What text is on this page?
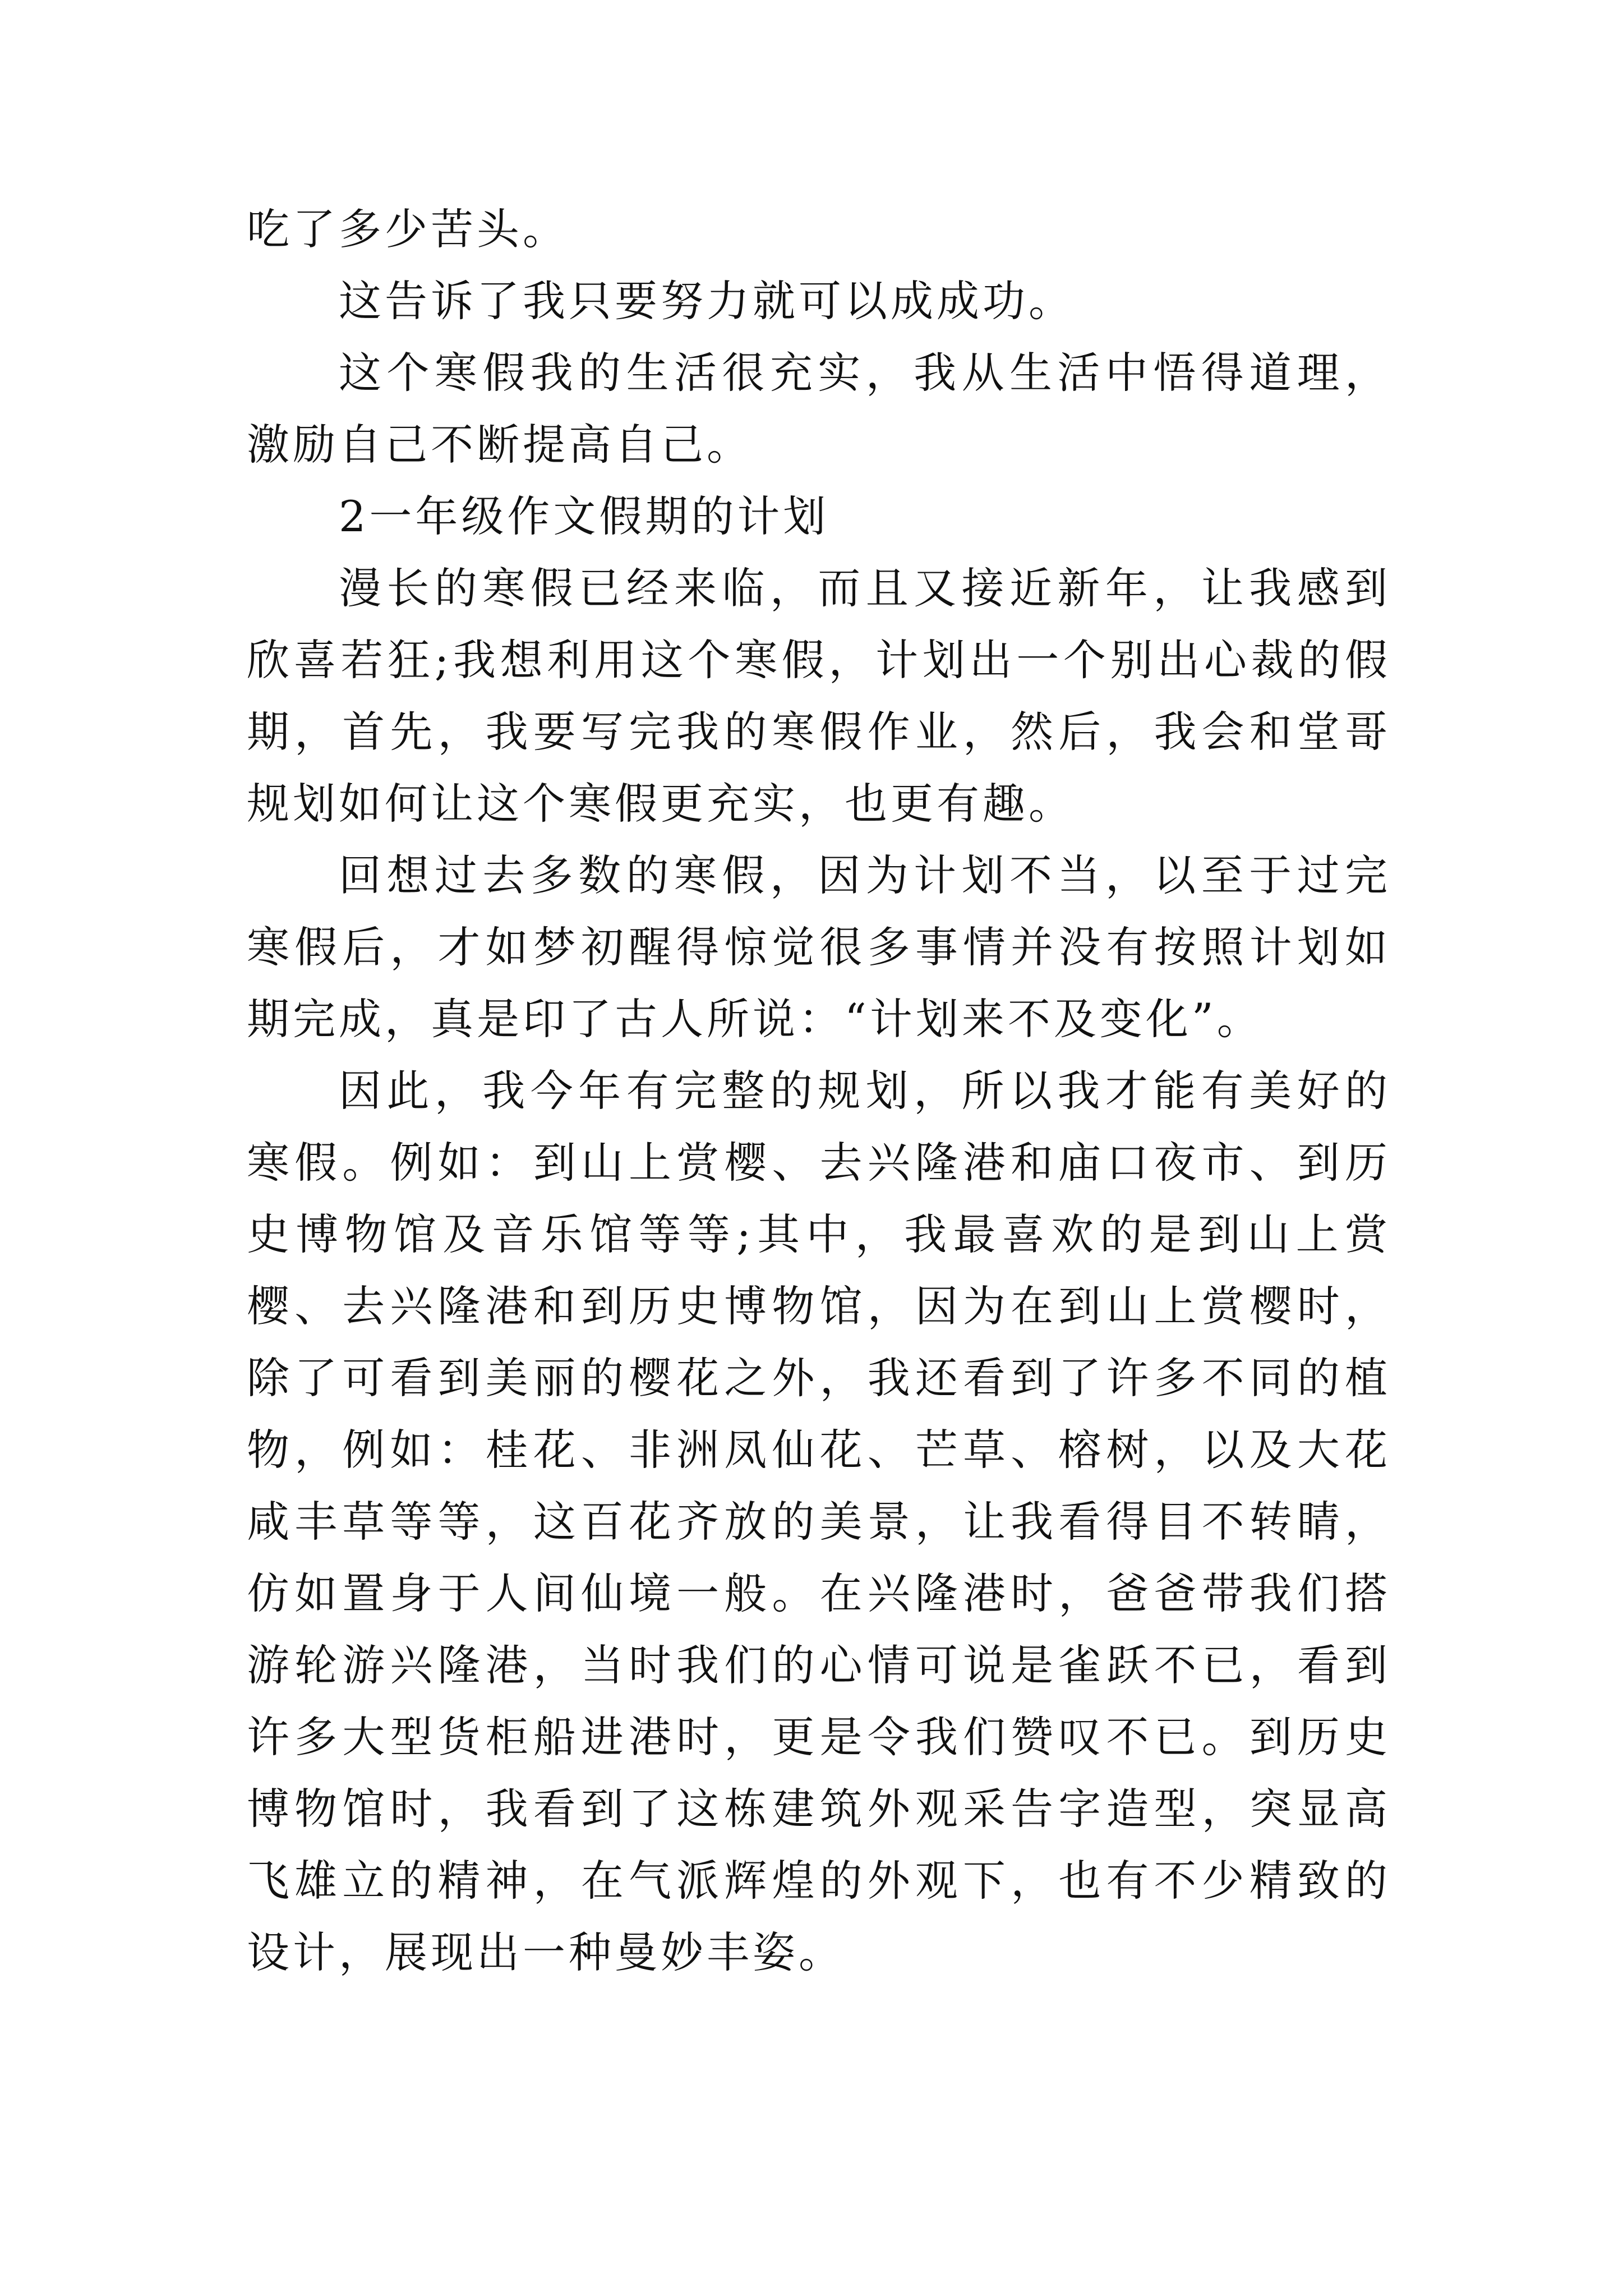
吃了多少苦头。

这告诉了我只要努力就可以成成功。

这个寒假我的生活很充实，我从生活中悟得道理，激励自己不断提高自己。

2一年级作文假期的计划

漫长的寒假已经来临，而且又接近新年，让我感到欣喜若狂;我想利用这个寒假，计划出一个别出心裁的假期，首先，我要写完我的寒假作业，然后，我会和堂哥规划如何让这个寒假更充实，也更有趣。

回想过去多数的寒假，因为计划不当，以至于过完寒假后，才如梦初醒得惊觉很多事情并没有按照计划如期完成，真是印了古人所说：“计划来不及变化”。

因此，我今年有完整的规划，所以我才能有美好的寒假。例如：到山上赏樱、去兴隆港和庙口夜市、到历史博物馆及音乐馆等等;其中，我最喜欢的是到山上赏樱、去兴隆港和到历史博物馆，因为在到山上赏樱时，除了可看到美丽的樱花之外，我还看到了许多不同的植物，例如：桂花、非洲凤仙花、芒草、榕树，以及大花咸丰草等等，这百花齐放的美景，让我看得目不转睛，仿如置身于人间仙境一般。在兴隆港时，爸爸带我们搭游轮游兴隆港，当时我们的心情可说是雀跃不已，看到许多大型货柜船进港时，更是令我们赞叹不已。到历史博物馆时，我看到了这栋建筑外观采告字造型，突显高飞雄立的精神，在气派辉煌的外观下，也有不少精致的设计，展现出一种曼妙丰姿。
